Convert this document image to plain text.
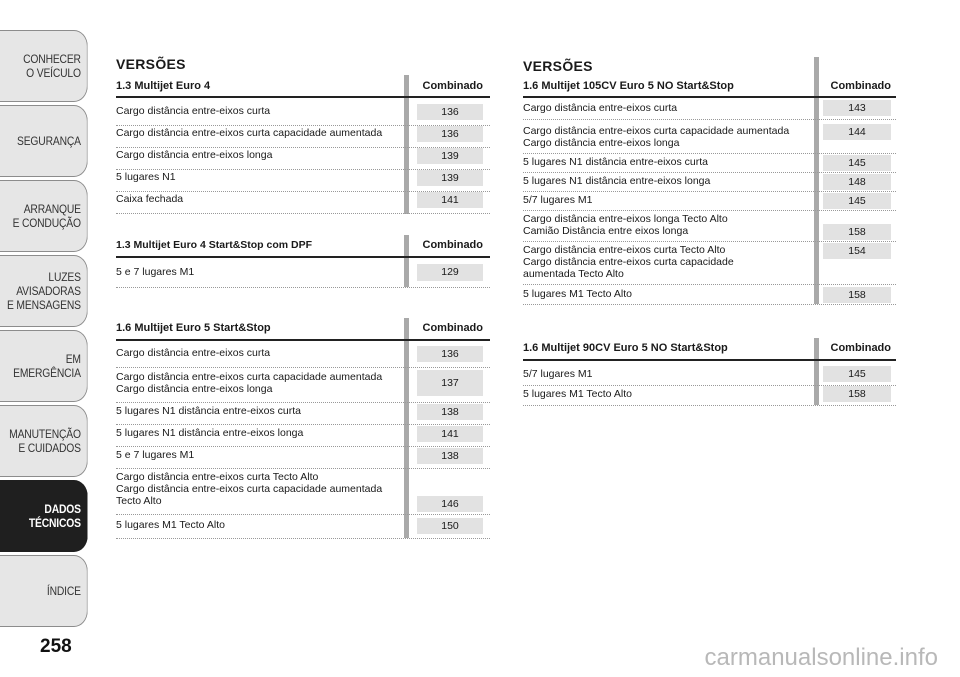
CONHECER
O VEÍCULO
SEGURANÇA
ARRANQUE
E CONDUÇÃO
LUZES AVISADORAS
E MENSAGENS
EM EMERGÊNCIA
MANUTENÇÃO
E CUIDADOS
DADOS
TÉCNICOS
ÍNDICE
258	carmanualsonline.info
VERSÕES
1.3 Multijet Euro 4	Combinado
Cargo distância entre-eixos curta	136
Cargo distância entre-eixos curta capacidade aumentada	136
Cargo distância entre-eixos longa	139
5 lugares N1	139
Caixa fechada	141
1.3 Multijet Euro 4 Start&Stop com DPF	Combinado
5 e 7 lugares M1	129
1.6 Multijet Euro 5 Start&Stop	Combinado
Cargo distância entre-eixos curta	136
Cargo distância entre-eixos curta capacidade aumentada
Cargo distância entre-eixos longa	137
5 lugares N1 distância entre-eixos curta	138
5 lugares N1 distância entre-eixos longa	141
5 e 7 lugares M1	138
Cargo distância entre-eixos curta Tecto Alto
Cargo distância entre-eixos curta capacidade aumentada
Tecto Alto	146
5 lugares M1 Tecto Alto	150
VERSÕES
1.6 Multijet 105CV Euro 5 NO Start&Stop	Combinado
Cargo distância entre-eixos curta	143
Cargo distância entre-eixos curta capacidade aumentada
Cargo distância entre-eixos longa
144
5 lugares N1 distância entre-eixos curta	145
5 lugares N1 distância entre-eixos longa	148
5/7 lugares M1	145
Cargo distância entre-eixos longa Tecto Alto
Camião Distância entre eixos longa	158
Cargo distância entre-eixos curta Tecto Alto
Cargo distância entre-eixos curta capacidade
aumentada Tecto Alto
154
5 lugares M1 Tecto Alto	158
1.6 Multijet 90CV Euro 5 NO Start&Stop	Combinado
5/7 lugares M1	145
5 lugares M1 Tecto Alto	158
